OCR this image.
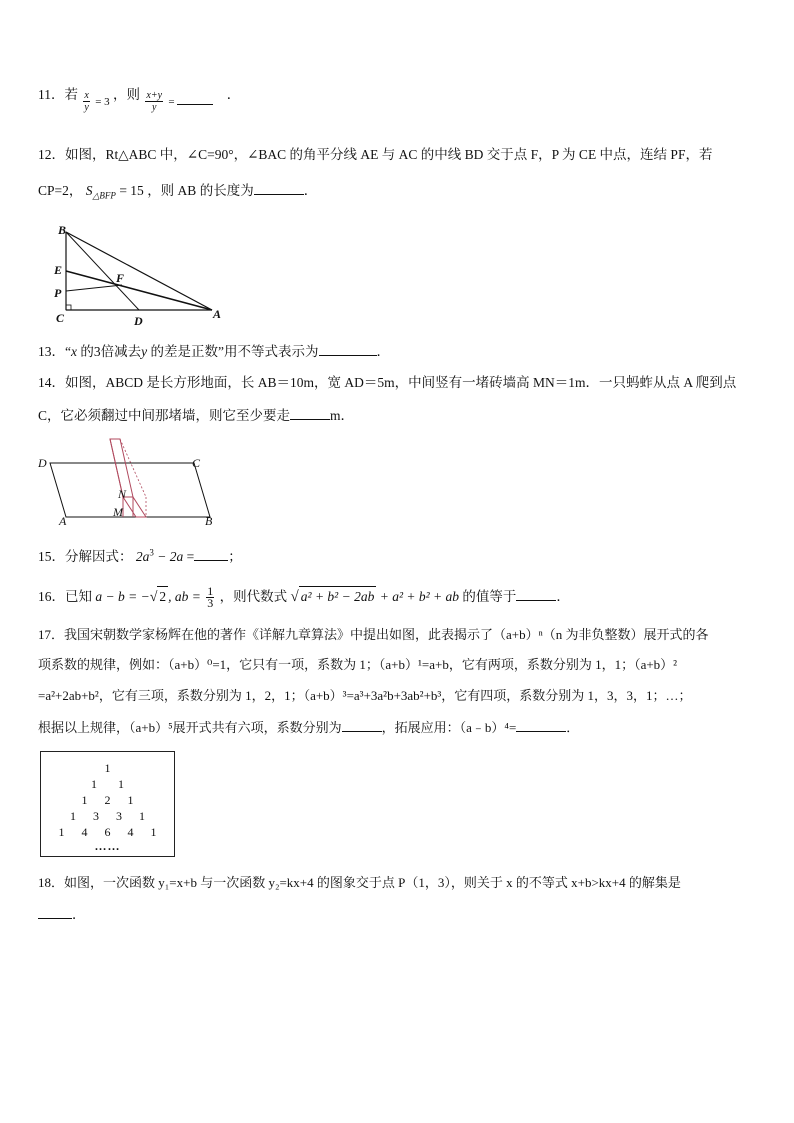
11．若 $\frac{x}{y} _{= 3}$ ，则 $\frac{x+y}{y} _=$	．
12．如图，Rt△ABC 中，∠C=90°，∠BAC 的角平分线 AE 与 AC 的中线 BD 交于点 F，P 为 CE 中点，连结 PF，若
CP=2， $S_{\triangle BFP} = 15$ ，则 AB 的长度为	．
B
E
F
P
C	D	A
13．“x 的3倍减去y 的差是正数”用不等式表示为	．
14．如图，ABCD 是长方形地面，长 AB＝10m，宽 AD＝5m，中间竖有一堵砖墙高 MN＝1m．一只蚂蚱从点 A 爬到点
C，它必须翻过中间那堵墙，则它至少要走	m．
D	C
N
M
A	B
15．分解因式： $2a^3 - 2a$ =	；
16．已知 a − b = −√ 2 , ab = $\frac{1}{3}$ ，则代数式 √ a² + b² − 2ab + a² + b² + ab 的值等于	．
17．我国宋朝数学家杨辉在他的著作《详解九章算法》中提出如图，此表揭示了（a+b）ⁿ（n 为非负整数）展开式的各
项系数的规律，例如：（a+b）⁰=1，它只有一项，系数为 1；（a+b）¹=a+b，它有两项，系数分别为 1，1；（a+b）²
=a²+2ab+b²，它有三项，系数分别为 1，2，1；（a+b）³=a³+3a²b+3ab²+b³，它有四项，系数分别为 1，3，3，1；…；
根据以上规律，（a+b）⁵展开式共有六项，系数分别为	，拓展应用：（a﹣b）⁴=	．
1
1 1
1 2 1
1 3 3 1
1 4 6 4 1
……
18．如图，一次函数 y₁=x+b 与一次函数 y₂=kx+4 的图象交于点 P（1，3），则关于 x 的不等式 x+b>kx+4 的解集是
．
